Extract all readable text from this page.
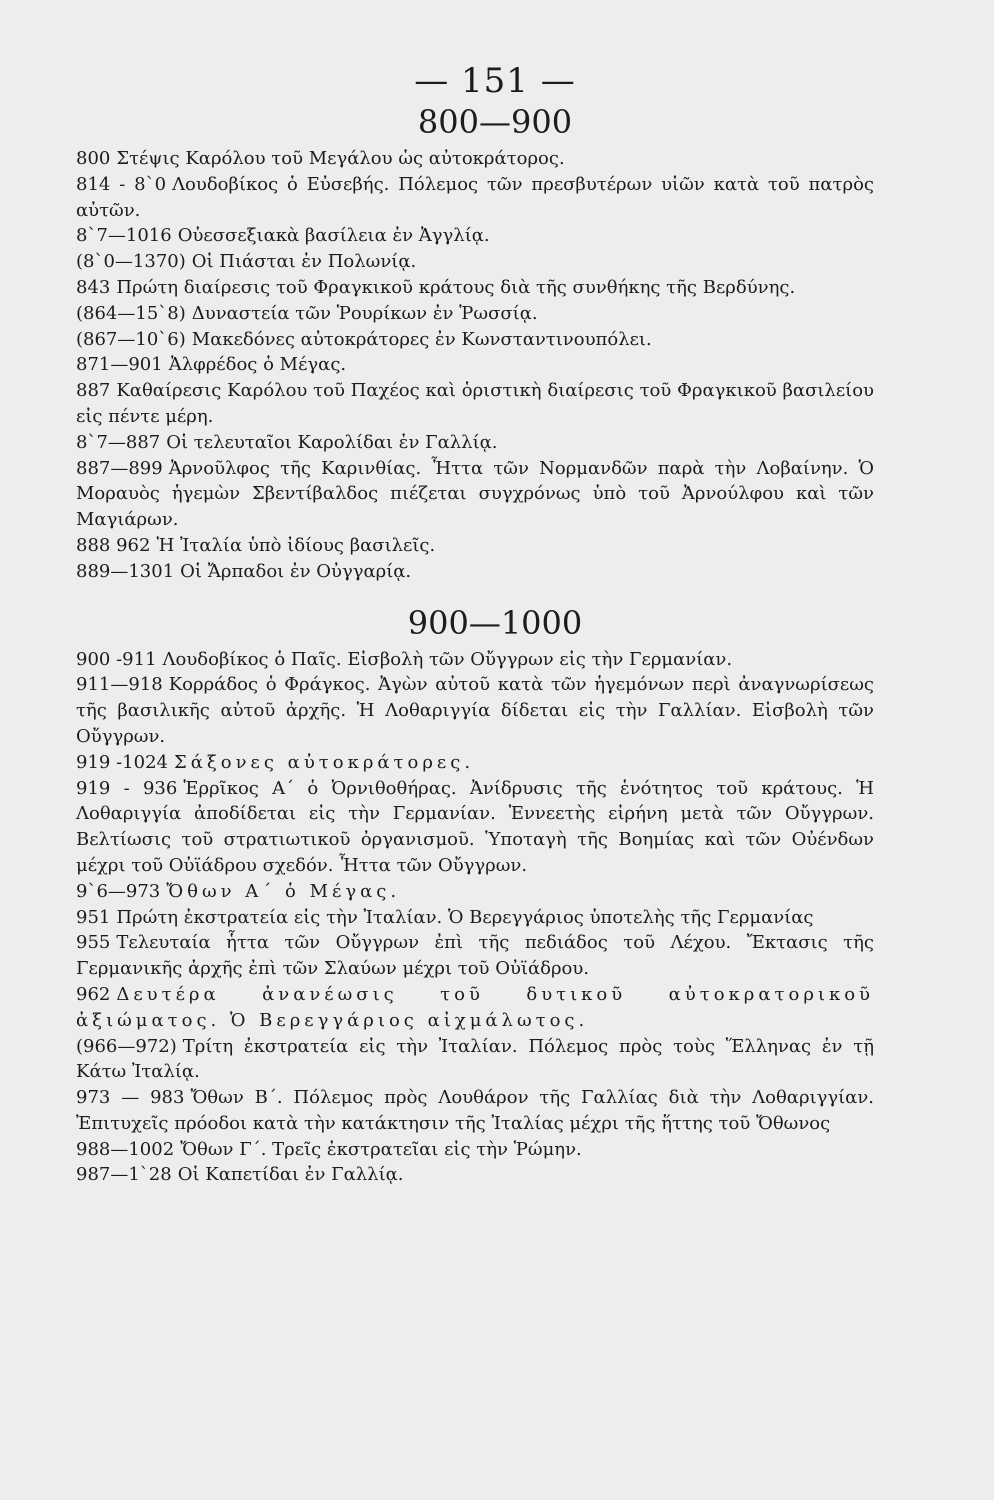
— 151 —
800—900

800 Στέψις Καρόλου τοῦ Μεγάλου ὡς αὐτοκράτορος.

814 - 8`0 Λουδοβίκος ὁ Εὐσεβής. Πόλεμος τῶν πρεσβυτέρων υἱῶν κατὰ τοῦ πατρὸς αὐτῶν.

8`7—1016 Οὐεσσεξιακὰ βασίλεια ἐν Ἀγγλίᾳ.

(8`0—1370) Οἱ Πιάσται ἐν Πολωνίᾳ.

843 Πρώτη διαίρεσις τοῦ Φραγκικοῦ κράτους διὰ τῆς συνθήκης τῆς Βερδύνης.

(864—15`8) Δυναστεία τῶν Ῥουρίκων ἐν Ῥωσσίᾳ.

(867—10`6) Μακεδόνες αὐτοκράτορες ἐν Κωνσταντινουπόλει.

871—901 Ἀλφρέδος ὁ Μέγας.

887 Καθαίρεσις Καρόλου τοῦ Παχέος καὶ ὁριστικὴ διαίρεσις τοῦ Φραγκικοῦ βασιλείου εἰς πέντε μέρη.

8`7—887 Οἱ τελευταῖοι Καρολίδαι ἐν Γαλλίᾳ.

887—899 Ἀρνοῦλφος τῆς Καρινθίας. Ἧττα τῶν Νορμανδῶν παρὰ τὴν Λοβαίνην. Ὁ Μοραυὸς ἡγεμὼν Σβεντίβαλδος πιέζεται συγχρόνως ὑπὸ τοῦ Ἀρνούλφου καὶ τῶν Μαγιάρων.

888 962 Ἡ Ἰταλία ὑπὸ ἰδίους βασιλεῖς.

889—1301 Οἱ Ἄρπαδοι ἐν Οὐγγαρίᾳ.

900—1000

900 -911 Λουδοβίκος ὁ Παῖς. Εἰσβολὴ τῶν Οὔγγρων εἰς τὴν Γερμανίαν.

911—918 Κορράδος ὁ Φράγκος. Ἀγὼν αὐτοῦ κατὰ τῶν ἡγεμόνων περὶ ἀναγνωρίσεως τῆς βασιλικῆς αὐτοῦ ἀρχῆς. Ἡ Λοθαριγγία δίδεται εἰς τὴν Γαλλίαν. Εἰσβολὴ τῶν Οὔγγρων.

919 -1024 Σάξονες αὐτοκράτορες.

919 - 936 Ἑρρῖκος Α΄ ὁ Ὀρνιθοθήρας. Ἀνίδρυσις τῆς ἑνότητος τοῦ κράτους. Ἡ Λοθαριγγία ἀποδίδεται εἰς τὴν Γερμανίαν. Ἐννεετὴς εἰρήνη μετὰ τῶν Οὔγγρων. Βελτίωσις τοῦ στρατιωτικοῦ ὀργανισμοῦ. Ὑποταγὴ τῆς Βοημίας καὶ τῶν Οὐένδων μέχρι τοῦ Οὐϊάδρου σχεδόν. Ἧττα τῶν Οὔγγρων.

9`6—973 Ὄθων Α΄ ὁ Μέγας.

951 Πρώτη ἐκστρατεία εἰς τὴν Ἰταλίαν. Ὁ Βερεγγάριος ὑποτελὴς τῆς Γερμανίας

955 Τελευταία ἧττα τῶν Οὔγγρων ἐπὶ τῆς πεδιάδος τοῦ Λέχου. Ἔκτασις τῆς Γερμανικῆς ἀρχῆς ἐπὶ τῶν Σλαύων μέχρι τοῦ Οὐϊάδρου.

962 Δευτέρα ἀνανέωσις τοῦ δυτικοῦ αὐτοκρατορικοῦ ἀξιώματος. Ὁ Βερεγγάριος αἰχμάλωτος.

(966—972) Τρίτη ἐκστρατεία εἰς τὴν Ἰταλίαν. Πόλεμος πρὸς τοὺς Ἕλληνας ἐν τῇ Κάτω Ἰταλίᾳ.

973 — 983 Ὄθων Β΄. Πόλεμος πρὸς Λουθάρον τῆς Γαλλίας διὰ τὴν Λοθαριγγίαν. Ἐπιτυχεῖς πρόοδοι κατὰ τὴν κατάκτησιν τῆς Ἰταλίας μέχρι τῆς ἥττης τοῦ Ὄθωνος

988—1002 Ὄθων Γ΄. Τρεῖς ἐκστρατεῖαι εἰς τὴν Ῥώμην.

987—1`28 Οἱ Καπετίδαι ἐν Γαλλίᾳ.
